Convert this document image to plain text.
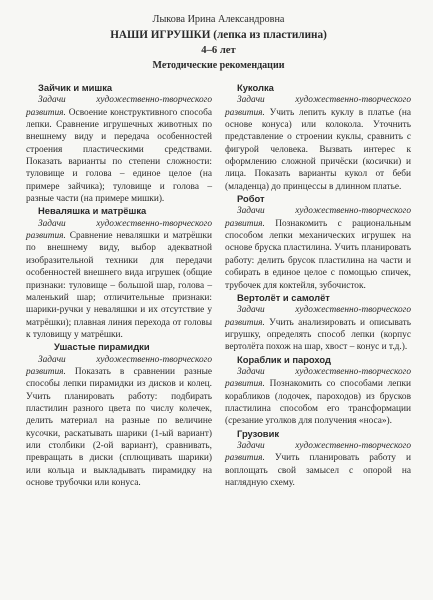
Лыкова Ирина Александровна

НАШИ ИГРУШКИ (лепка из пластилина)

4–6 лет

Методические рекомендации

Зайчик и мишка

Задачи художественно-творческого развития. Освоение конструктивного способа лепки. Сравнение игрушечных животных по внешнему виду и передача особенностей строения пластическими средствами. Показать варианты по степени сложности: туловище и голова – единое целое (на примере зайчика); туловище и голова – разные части (на примере мишки).

Неваляшка и матрёшка

Задачи художественно-творческого развития. Сравнение неваляшки и матрёшки по внешнему виду, выбор адекватной изобразительной техники для передачи особенностей внешнего вида игрушек (общие признаки: туловище – большой шар, голова – маленький шар; отличительные признаки: шарики-ручки у неваляшки и их отсутствие у матрёшки); плавная линия перехода от головы к туловищу у матрёшки.

Ушастые пирамидки

Задачи художественно-творческого развития. Показать в сравнении разные способы лепки пирамидки из дисков и колец. Учить планировать работу: подбирать пластилин разного цвета по числу колечек, делить материал на разные по величине кусочки, раскатывать шарики (1-ый вариант) или столбики (2-ой вариант), сравнивать, превращать в диски (сплющивать шарики) или кольца и выкладывать пирамидку на основе трубочки или конуса.

Куколка

Задачи художественно-творческого развития. Учить лепить куклу в платье (на основе конуса) или колокола. Уточнить представление о строении куклы, сравнить с фигурой человека. Вызвать интерес к оформлению сложной причёски (косички) и лица. Показать варианты кукол от беби (младенца) до принцессы в длинном платье.

Робот

Задачи художественно-творческого развития. Познакомить с рациональным способом лепки механических игрушек на основе бруска пластилина. Учить планировать работу: делить брусок пластилина на части и собирать в единое целое с помощью спичек, трубочек для коктейля, зубочисток.

Вертолёт и самолёт

Задачи художественно-творческого развития. Учить анализировать и описывать игрушку, определять способ лепки (корпус вертолёта похож на шар, хвост – конус и т.д.).

Кораблик и пароход

Задачи художественно-творческого развития. Познакомить со способами лепки корабликов (лодочек, пароходов) из брусков пластилина способом его трансформации (срезание уголков для получения «носа»).

Грузовик

Задачи художественно-творческого развития. Учить планировать работу и воплощать свой замысел с опорой на наглядную схему.
